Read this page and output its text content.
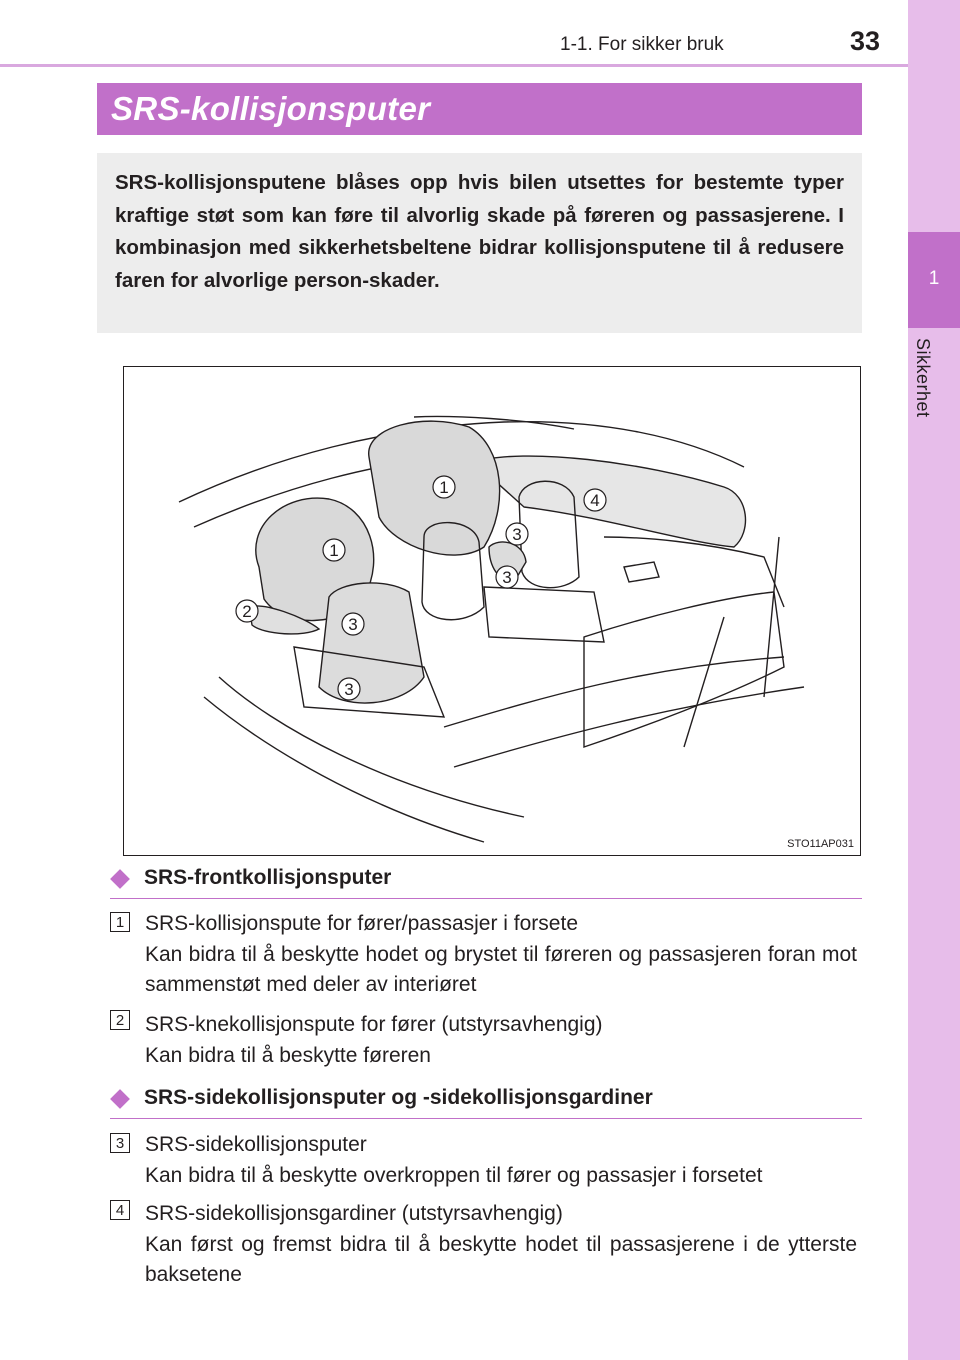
1-1. For sikker bruk	33
1
Sikkerhet
SRS-kollisjonsputer

SRS-kollisjonsputene blåses opp hvis bilen utsettes for bestemte typer kraftige støt som kan føre til alvorlig skade på føreren og passasjerene. I kombinasjon med sikkerhetsbeltene bidrar kollisjonsputene til å redusere faren for alvorlige person-skader.

1
1
2
3
3
3
3
4
STO11AP031
SRS-frontkollisjonsputer
1 SRS-kollisjonspute for fører/passasjer i forsete
Kan bidra til å beskytte hodet og brystet til føreren og passasjeren foran mot sammenstøt med deler av interiøret
2 SRS-knekollisjonspute for fører (utstyrsavhengig)
Kan bidra til å beskytte føreren
SRS-sidekollisjonsputer og -sidekollisjonsgardiner
3 SRS-sidekollisjonsputer
Kan bidra til å beskytte overkroppen til fører og passasjer i forsetet
4 SRS-sidekollisjonsgardiner (utstyrsavhengig)
Kan først og fremst bidra til å beskytte hodet til passasjerene i de ytterste baksetene
